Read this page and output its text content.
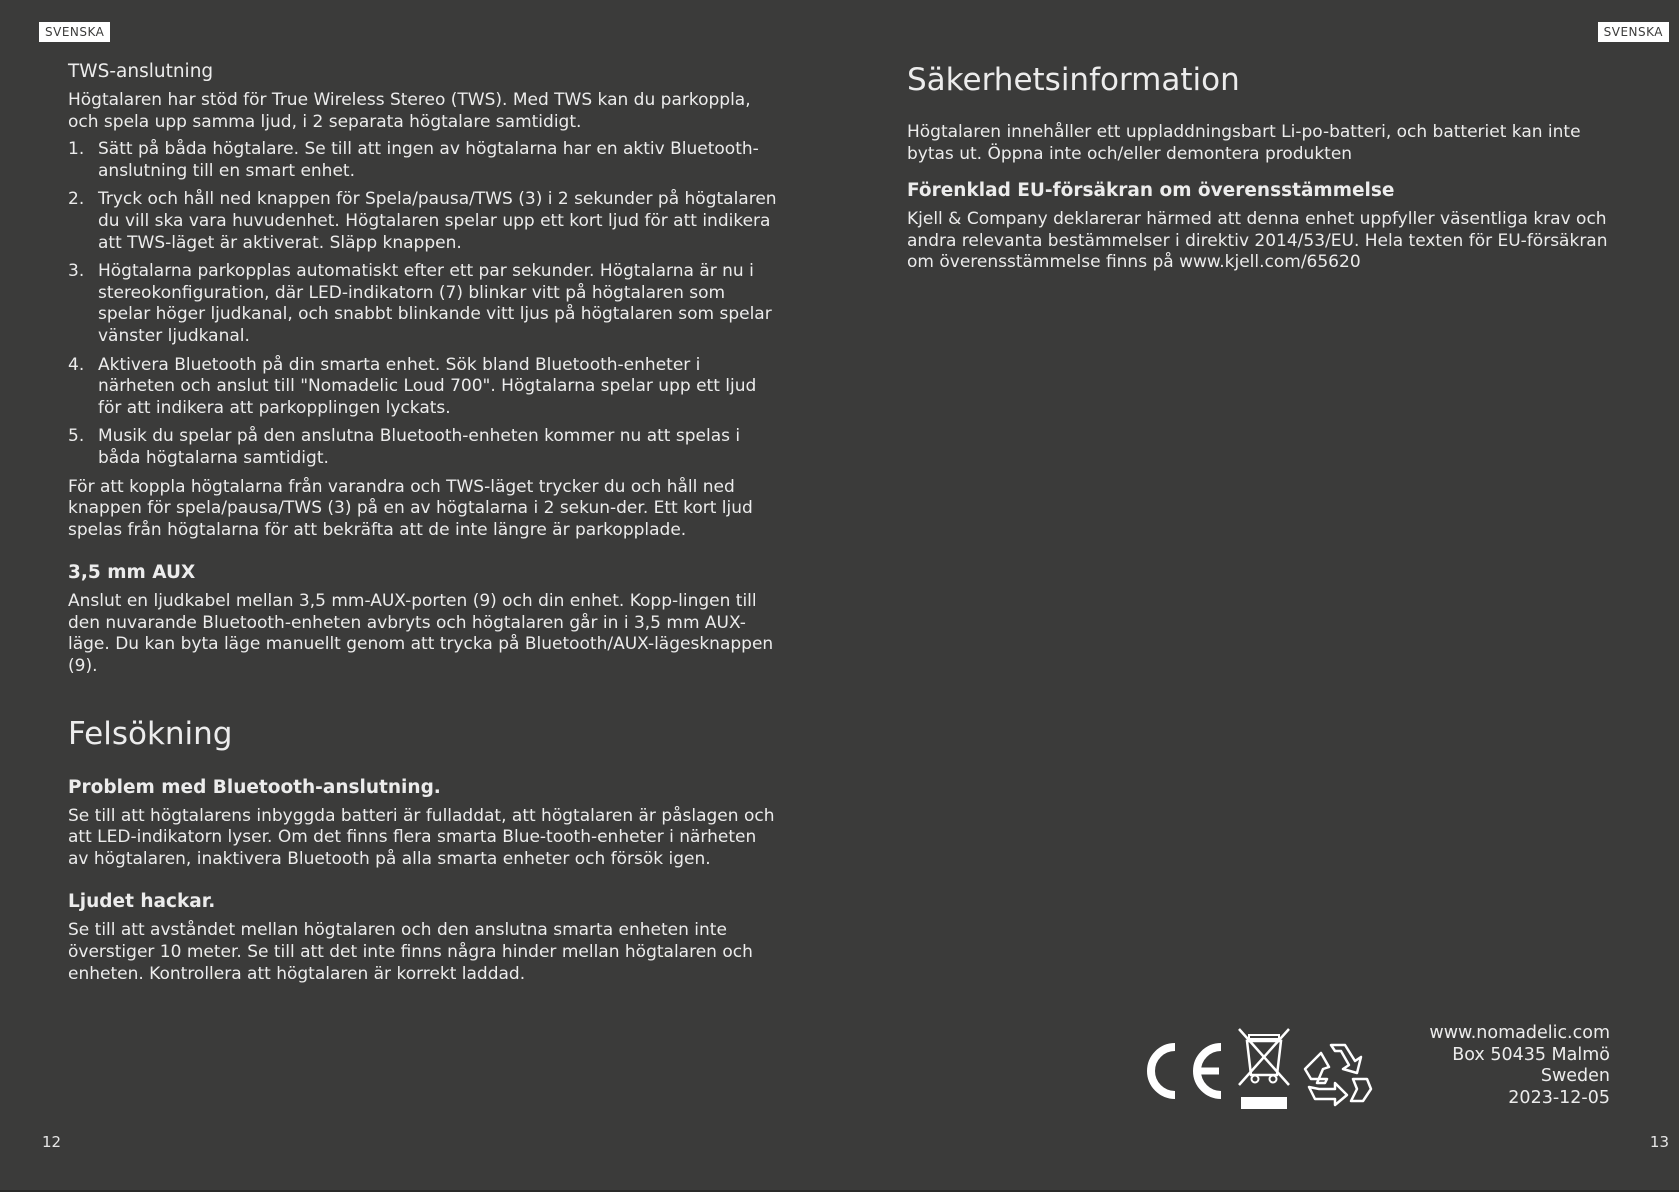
SVENSKA
TWS-anslutning

Högtalaren har stöd för True Wireless Stereo (TWS). Med TWS kan du parkoppla, och spela upp samma ljud, i 2 separata högtalare samtidigt.

1. Sätt på båda högtalare. Se till att ingen av högtalarna har en aktiv Bluetooth-anslutning till en smart enhet.
2. Tryck och håll ned knappen för Spela/pausa/TWS (3) i 2 sekunder på högtalaren du vill ska vara huvudenhet. Högtalaren spelar upp ett kort ljud för att indikera att TWS-läget är aktiverat. Släpp knappen.
3. Högtalarna parkopplas automatiskt efter ett par sekunder. Högtalarna är nu i stereokonfiguration, där LED-indikatorn (7) blinkar vitt på högtalaren som spelar höger ljudkanal, och snabbt blinkande vitt ljus på högtalaren som spelar vänster ljudkanal.
4. Aktivera Bluetooth på din smarta enhet. Sök bland Bluetooth-enheter i närheten och anslut till "Nomadelic Loud 700". Högtalarna spelar upp ett ljud för att indikera att parkopplingen lyckats.
5. Musik du spelar på den anslutna Bluetooth-enheten kommer nu att spelas i båda högtalarna samtidigt.

För att koppla högtalarna från varandra och TWS-läget trycker du och håll ned knappen för spela/pausa/TWS (3) på en av högtalarna i 2 sekun-der. Ett kort ljud spelas från högtalarna för att bekräfta att de inte längre är parkopplade.

3,5 mm AUX

Anslut en ljudkabel mellan 3,5 mm-AUX-porten (9) och din enhet. Kopp-lingen till den nuvarande Bluetooth-enheten avbryts och högtalaren går in i 3,5 mm AUX-läge. Du kan byta läge manuellt genom att trycka på Bluetooth/AUX-lägesknappen (9).

Felsökning
Problem med Bluetooth-anslutning.

Se till att högtalarens inbyggda batteri är fulladdat, att högtalaren är påslagen och att LED-indikatorn lyser. Om det finns flera smarta Blue-tooth-enheter i närheten av högtalaren, inaktivera Bluetooth på alla smarta enheter och försök igen.

Ljudet hackar.

Se till att avståndet mellan högtalaren och den anslutna smarta enheten inte överstiger 10 meter. Se till att det inte finns några hinder mellan högtalaren och enheten. Kontrollera att högtalaren är korrekt laddad.

12
SVENSKA
Säkerhetsinformation

Högtalaren innehåller ett uppladdningsbart Li-po-batteri, och batteriet kan inte bytas ut. Öppna inte och/eller demontera produkten

Förenklad EU-försäkran om överensstämmelse

Kjell & Company deklarerar härmed att denna enhet uppfyller väsentliga krav och andra relevanta bestämmelser i direktiv 2014/53/EU. Hela texten för EU-försäkran om överensstämmelse finns på www.kjell.com/65620

www.nomadelic.com
Box 50435 Malmö
Sweden
2023-12-05
13
